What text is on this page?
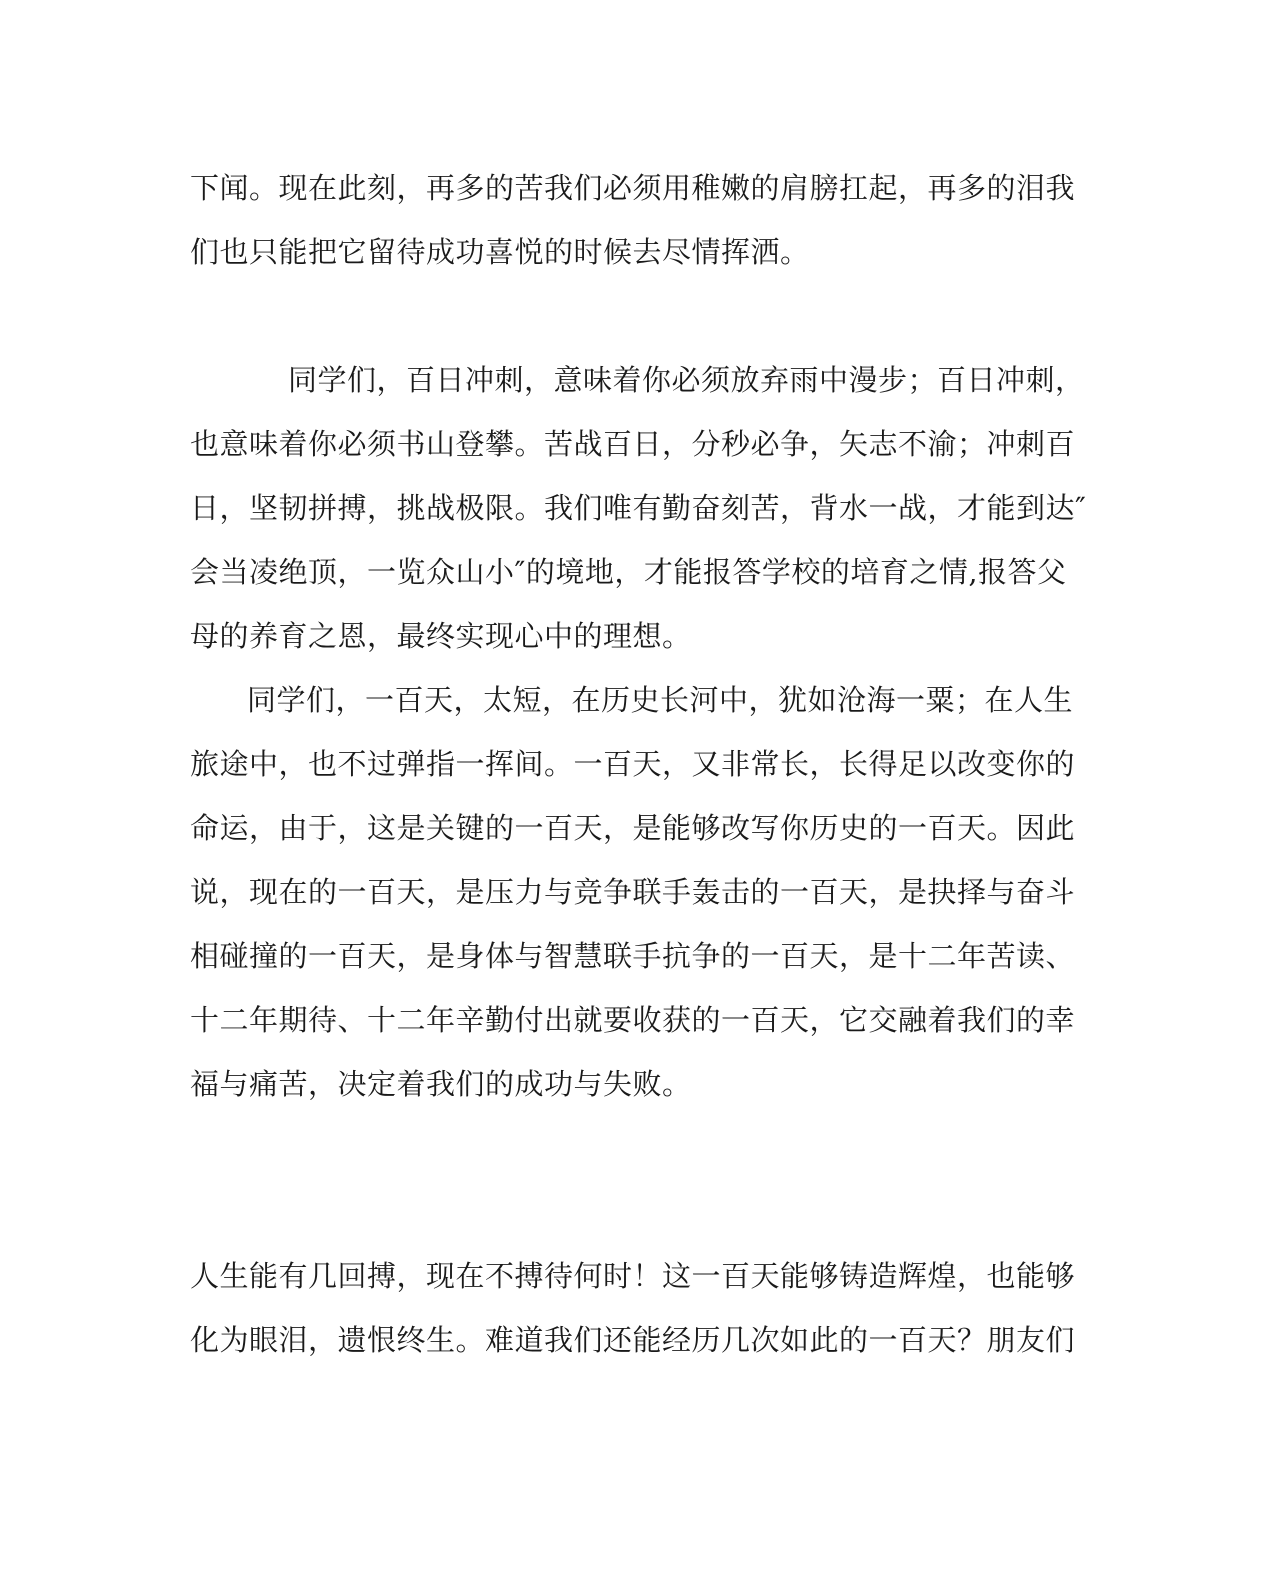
下闻。现在此刻，再多的苦我们必须用稚嫩的肩膀扛起，再多的泪我
们也只能把它留待成功喜悦的时候去尽情挥洒。
同学们，百日冲刺，意味着你必须放弃雨中漫步；百日冲刺，
也意味着你必须书山登攀。苦战百日，分秒必争，矢志不渝；冲刺百
日，坚韧拼搏，挑战极限。我们唯有勤奋刻苦，背水一战，才能到达″
会当凌绝顶，一览众山小″的境地，才能报答学校的培育之情,报答父
母的养育之恩，最终实现心中的理想。
同学们，一百天，太短，在历史长河中，犹如沧海一粟；在人生
旅途中，也不过弹指一挥间。一百天，又非常长，长得足以改变你的
命运，由于，这是关键的一百天，是能够改写你历史的一百天。因此
说，现在的一百天，是压力与竞争联手轰击的一百天，是抉择与奋斗
相碰撞的一百天，是身体与智慧联手抗争的一百天，是十二年苦读、
十二年期待、十二年辛勤付出就要收获的一百天，它交融着我们的幸
福与痛苦，决定着我们的成功与失败。
人生能有几回搏，现在不搏待何时！这一百天能够铸造辉煌，也能够
化为眼泪，遗恨终生。难道我们还能经历几次如此的一百天？朋友们
